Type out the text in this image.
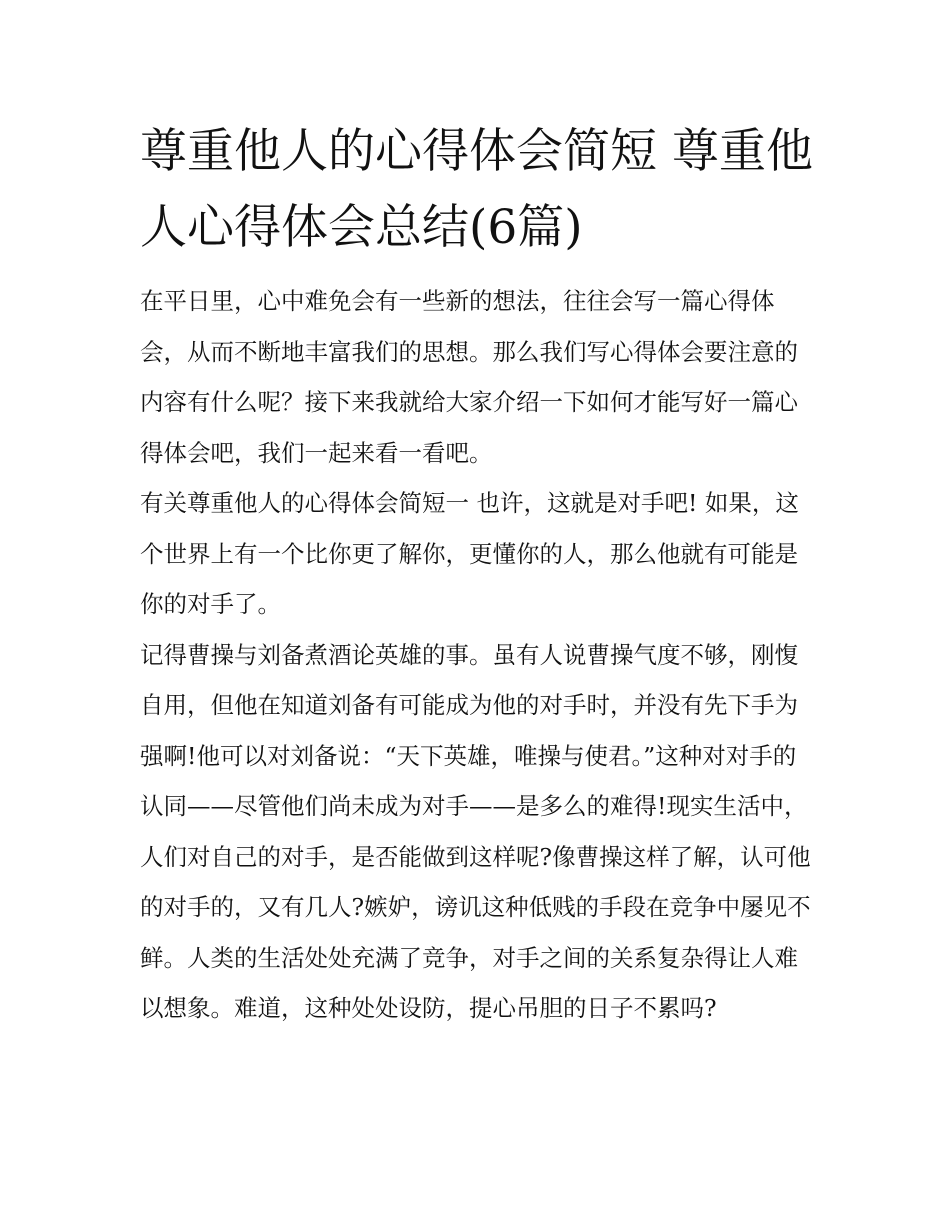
尊重他人的心得体会简短 尊重他人心得体会总结(6篇)

在平日里，心中难免会有一些新的想法，往往会写一篇心得体会，从而不断地丰富我们的思想。那么我们写心得体会要注意的内容有什么呢？接下来我就给大家介绍一下如何才能写好一篇心得体会吧，我们一起来看一看吧。

有关尊重他人的心得体会简短一 也许，这就是对手吧! 如果，这个世界上有一个比你更了解你，更懂你的人，那么他就有可能是你的对手了。

记得曹操与刘备煮酒论英雄的事。虽有人说曹操气度不够，刚愎自用，但他在知道刘备有可能成为他的对手时，并没有先下手为强啊!他可以对刘备说：“天下英雄，唯操与使君。”这种对对手的认同——尽管他们尚未成为对手——是多么的难得!现实生活中，人们对自己的对手，是否能做到这样呢?像曹操这样了解，认可他的对手的，又有几人?嫉妒，谤讥这种低贱的手段在竞争中屡见不鲜。人类的生活处处充满了竞争，对手之间的关系复杂得让人难以想象。难道，这种处处设防，提心吊胆的日子不累吗?
